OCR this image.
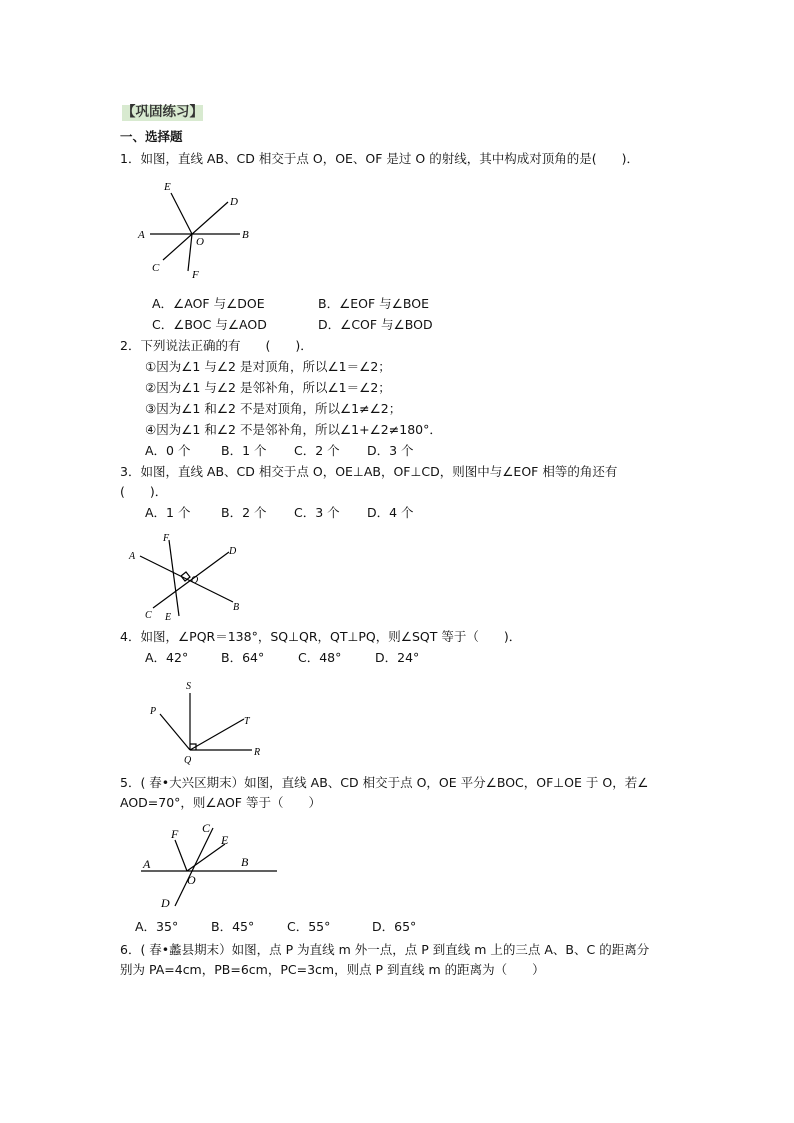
【巩固练习】
一、选择题
1．如图，直线 AB、CD 相交于点 O，OE、OF 是过 O 的射线，其中构成对顶角的是(　　)．
E
D
A
O
B
C
F
A．∠AOF 与∠DOE	B．∠EOF 与∠BOE
C．∠BOC 与∠AOD	D．∠COF 与∠BOD
2．下列说法正确的有　　(　　)．
①因为∠1 与∠2 是对顶角，所以∠1＝∠2；
②因为∠1 与∠2 是邻补角，所以∠1＝∠2；
③因为∠1 和∠2 不是对顶角，所以∠1≠∠2；
④因为∠1 和∠2 不是邻补角，所以∠1+∠2≠180°．
A．0 个 B．1 个 C．2 个 D．3 个
3．如图，直线 AB、CD 相交于点 O，OE⊥AB，OF⊥CD，则图中与∠EOF 相等的角还有
(　　)．
A．1 个 B．2 个 C．3 个 D．4 个
F
D
A
O
C E
B
4．如图，∠PQR＝138°，SQ⊥QR，QT⊥PQ，则∠SQT 等于（　　)．
A．42°	B．64°	C．48°	D．24°
S
P
T
Q
R
5．( 春•大兴区期末）如图，直线 AB、CD 相交于点 O，OE 平分∠BOC，OF⊥OE 于 O，若∠
AOD=70°，则∠AOF 等于（　　）
F C
E
A	B
O
D
A．35°	B．45°	C．55°	D．65°
6．( 春•蠡县期末）如图，点 P 为直线 m 外一点，点 P 到直线 m 上的三点 A、B、C 的距离分
别为 PA=4cm，PB=6cm，PC=3cm，则点 P 到直线 m 的距离为（　　）
